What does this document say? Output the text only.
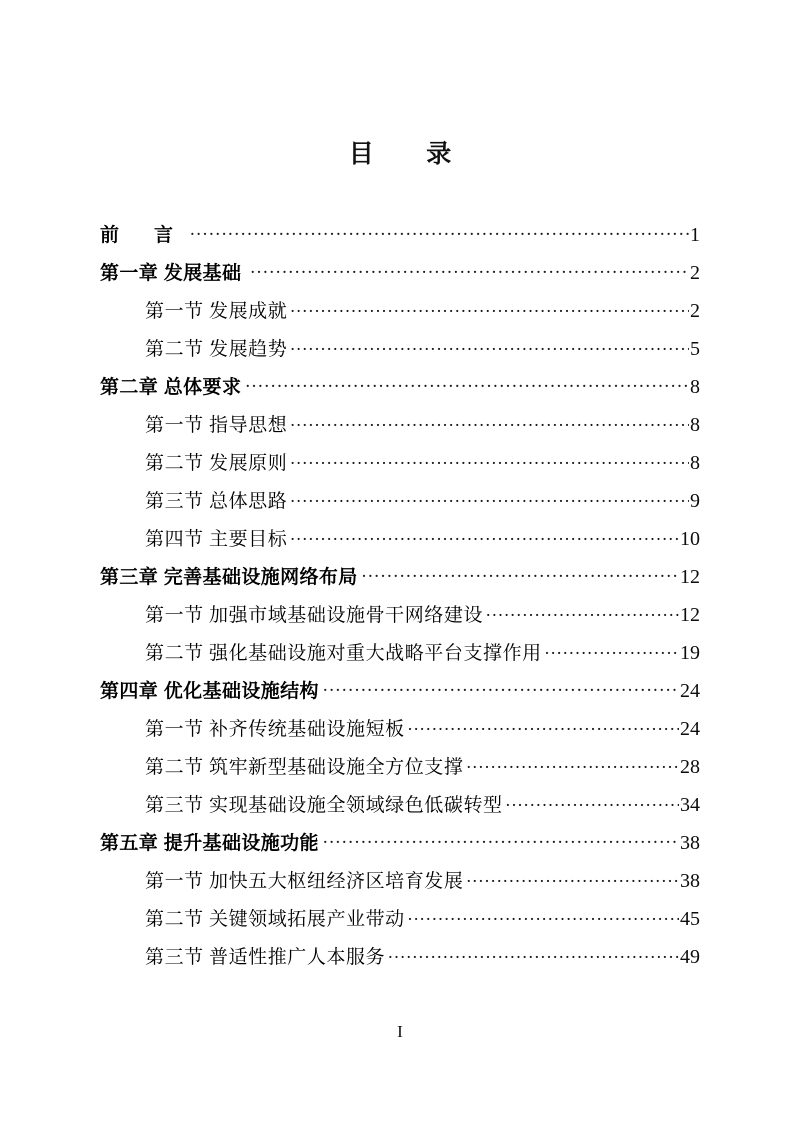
目　录
前　言 .....	1
第一章 发展基础 .....	2
第一节 发展成就 .....	2
第二节 发展趋势 .....	5
第二章 总体要求 .....	8
第一节 指导思想 .....	8
第二节 发展原则 .....	8
第三节 总体思路 .....	9
第四节 主要目标 .....	10
第三章 完善基础设施网络布局 .....	12
第一节 加强市域基础设施骨干网络建设 .....	12
第二节 强化基础设施对重大战略平台支撑作用 .....	19
第四章 优化基础设施结构 .....	24
第一节 补齐传统基础设施短板 .....	24
第二节 筑牢新型基础设施全方位支撑 .....	28
第三节 实现基础设施全领域绿色低碳转型 .....	34
第五章 提升基础设施功能 .....	38
第一节 加快五大枢纽经济区培育发展 .....	38
第二节 关键领域拓展产业带动 .....	45
第三节 普适性推广人本服务 .....	49
I
